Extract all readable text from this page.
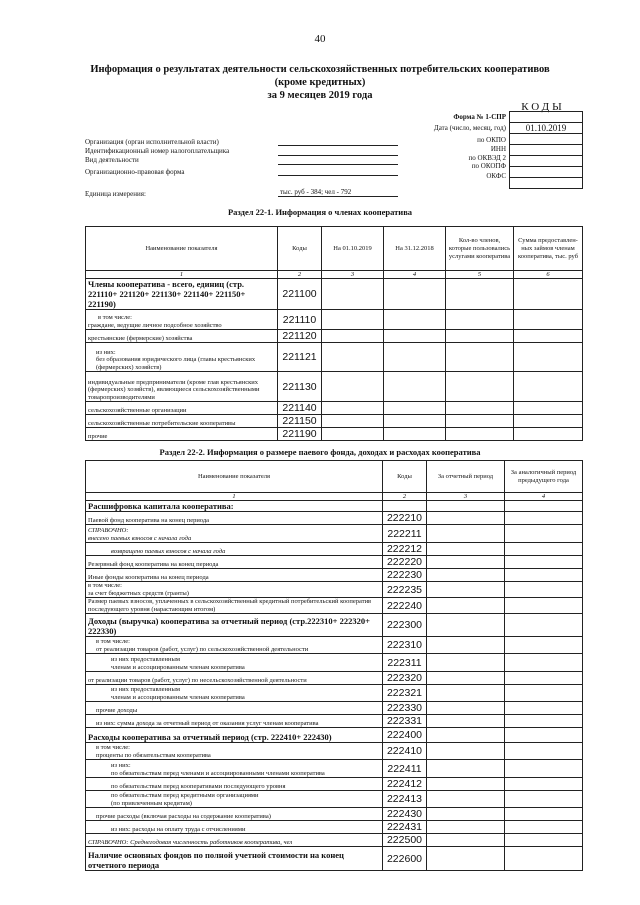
40
Информация о результатах деятельности сельскохозяйственных потребительских кооперативов
(кроме кредитных)
за 9 месяцев 2019 года
КОДЫ
Форма № 1-СПР
Дата (число, месяц, год)
по ОКПО
ИНН
по ОКВЭД 2
по ОКОПФ
ОКФС
01.10.2019
Организация (орган исполнительной власти)
Идентификационный номер налогоплательщика
Вид деятельности
Организационно-правовая форма
Единица измерения:	тыс. руб - 384; чел - 792
Раздел 22-1. Информация о членах кооператива
Наименование показателя	Коды	На 01.10.2019	На 31.12.2018	Кол-во членов, которые пользовались услугами кооператива	Сумма предоставлен-ных займов членам кооператива, тыс. руб
1	2	3	4	5	6
Члены кооператива - всего, единиц (стр. 221110+ 221120+ 221130+ 221140+ 221150+ 221190)	221100				

в том числе:
граждане, ведущие личное подсобное хозяйство	221110				
крестьянские (фермерские) хозяйства	221120				

из них:
без образования юридического лица (главы крестьянских (фермерских) хозяйств)	221121				
индивидуальные предприниматели (кроме глав крестьянских (фермерских) хозяйств), являющиеся сельскохозяйственными товаропроизводителями	221130				
сельскохозяйственные организации	221140				
сельскохозяйственные потребительские кооперативы	221150				
прочие	221190				
Раздел 22-2. Информация о размере паевого фонда, доходах и расходах кооператива
Наименование показателя	Коды	За отчетный период	За аналогичный период предыдущего года
1	2	3	4

Расшифровка капитала кооператива:			

Паевой фонд кооператива на конец периода	222210		

СПРАВОЧНО:
внесено паевых взносов с начала года	222211		

возвращено паевых взносов с начала года	222212		

Резервный фонд кооператива на конец периода	222220		

Иные фонды кооператива на конец периода	222230		

в том числе:
за счет бюджетных средств (гранты)	222235		

Размер паевых взносов, уплаченных в сельскохозяйственный кредитный потребительский кооператив последующего уровня (нарастающим итогом)	222240		

Доходы (выручка) кооператива за отчетный период (стр.222310+ 222320+ 222330)	222300		

в том числе:
от реализации товаров (работ, услуг) по сельскохозяйственной деятельности	222310		

из них предоставленным
членам и ассоциированным членам кооператива	222311		

от реализации товаров (работ, услуг) по несельскохозяйственной деятельности	222320		

из них предоставленным
членам и ассоциированным членам кооператива	222321		

прочие доходы	222330		

из них: сумма дохода за отчетный период от оказания услуг членам кооператива	222331		

Расходы кооператива за отчетный период (стр. 222410+ 222430)	222400		

в том числе:
проценты по обязательствам кооператива	222410		

из них:
по обязательствам перед членами и ассоциированными членами кооператива	222411		

по обязательствам перед кооперативами последующего уровня	222412		

по обязательствам перед кредитными организациями
(по привлеченным кредитам)	222413		

прочие расходы (включая расходы на содержание кооператива)	222430		

из них: расходы на оплату труда с отчислениями	222431		

СПРАВОЧНО: Среднегодовая численность работников кооператива, чел	222500		

Наличие основных фондов по полной учетной стоимости на конец отчетного периода	222600		
